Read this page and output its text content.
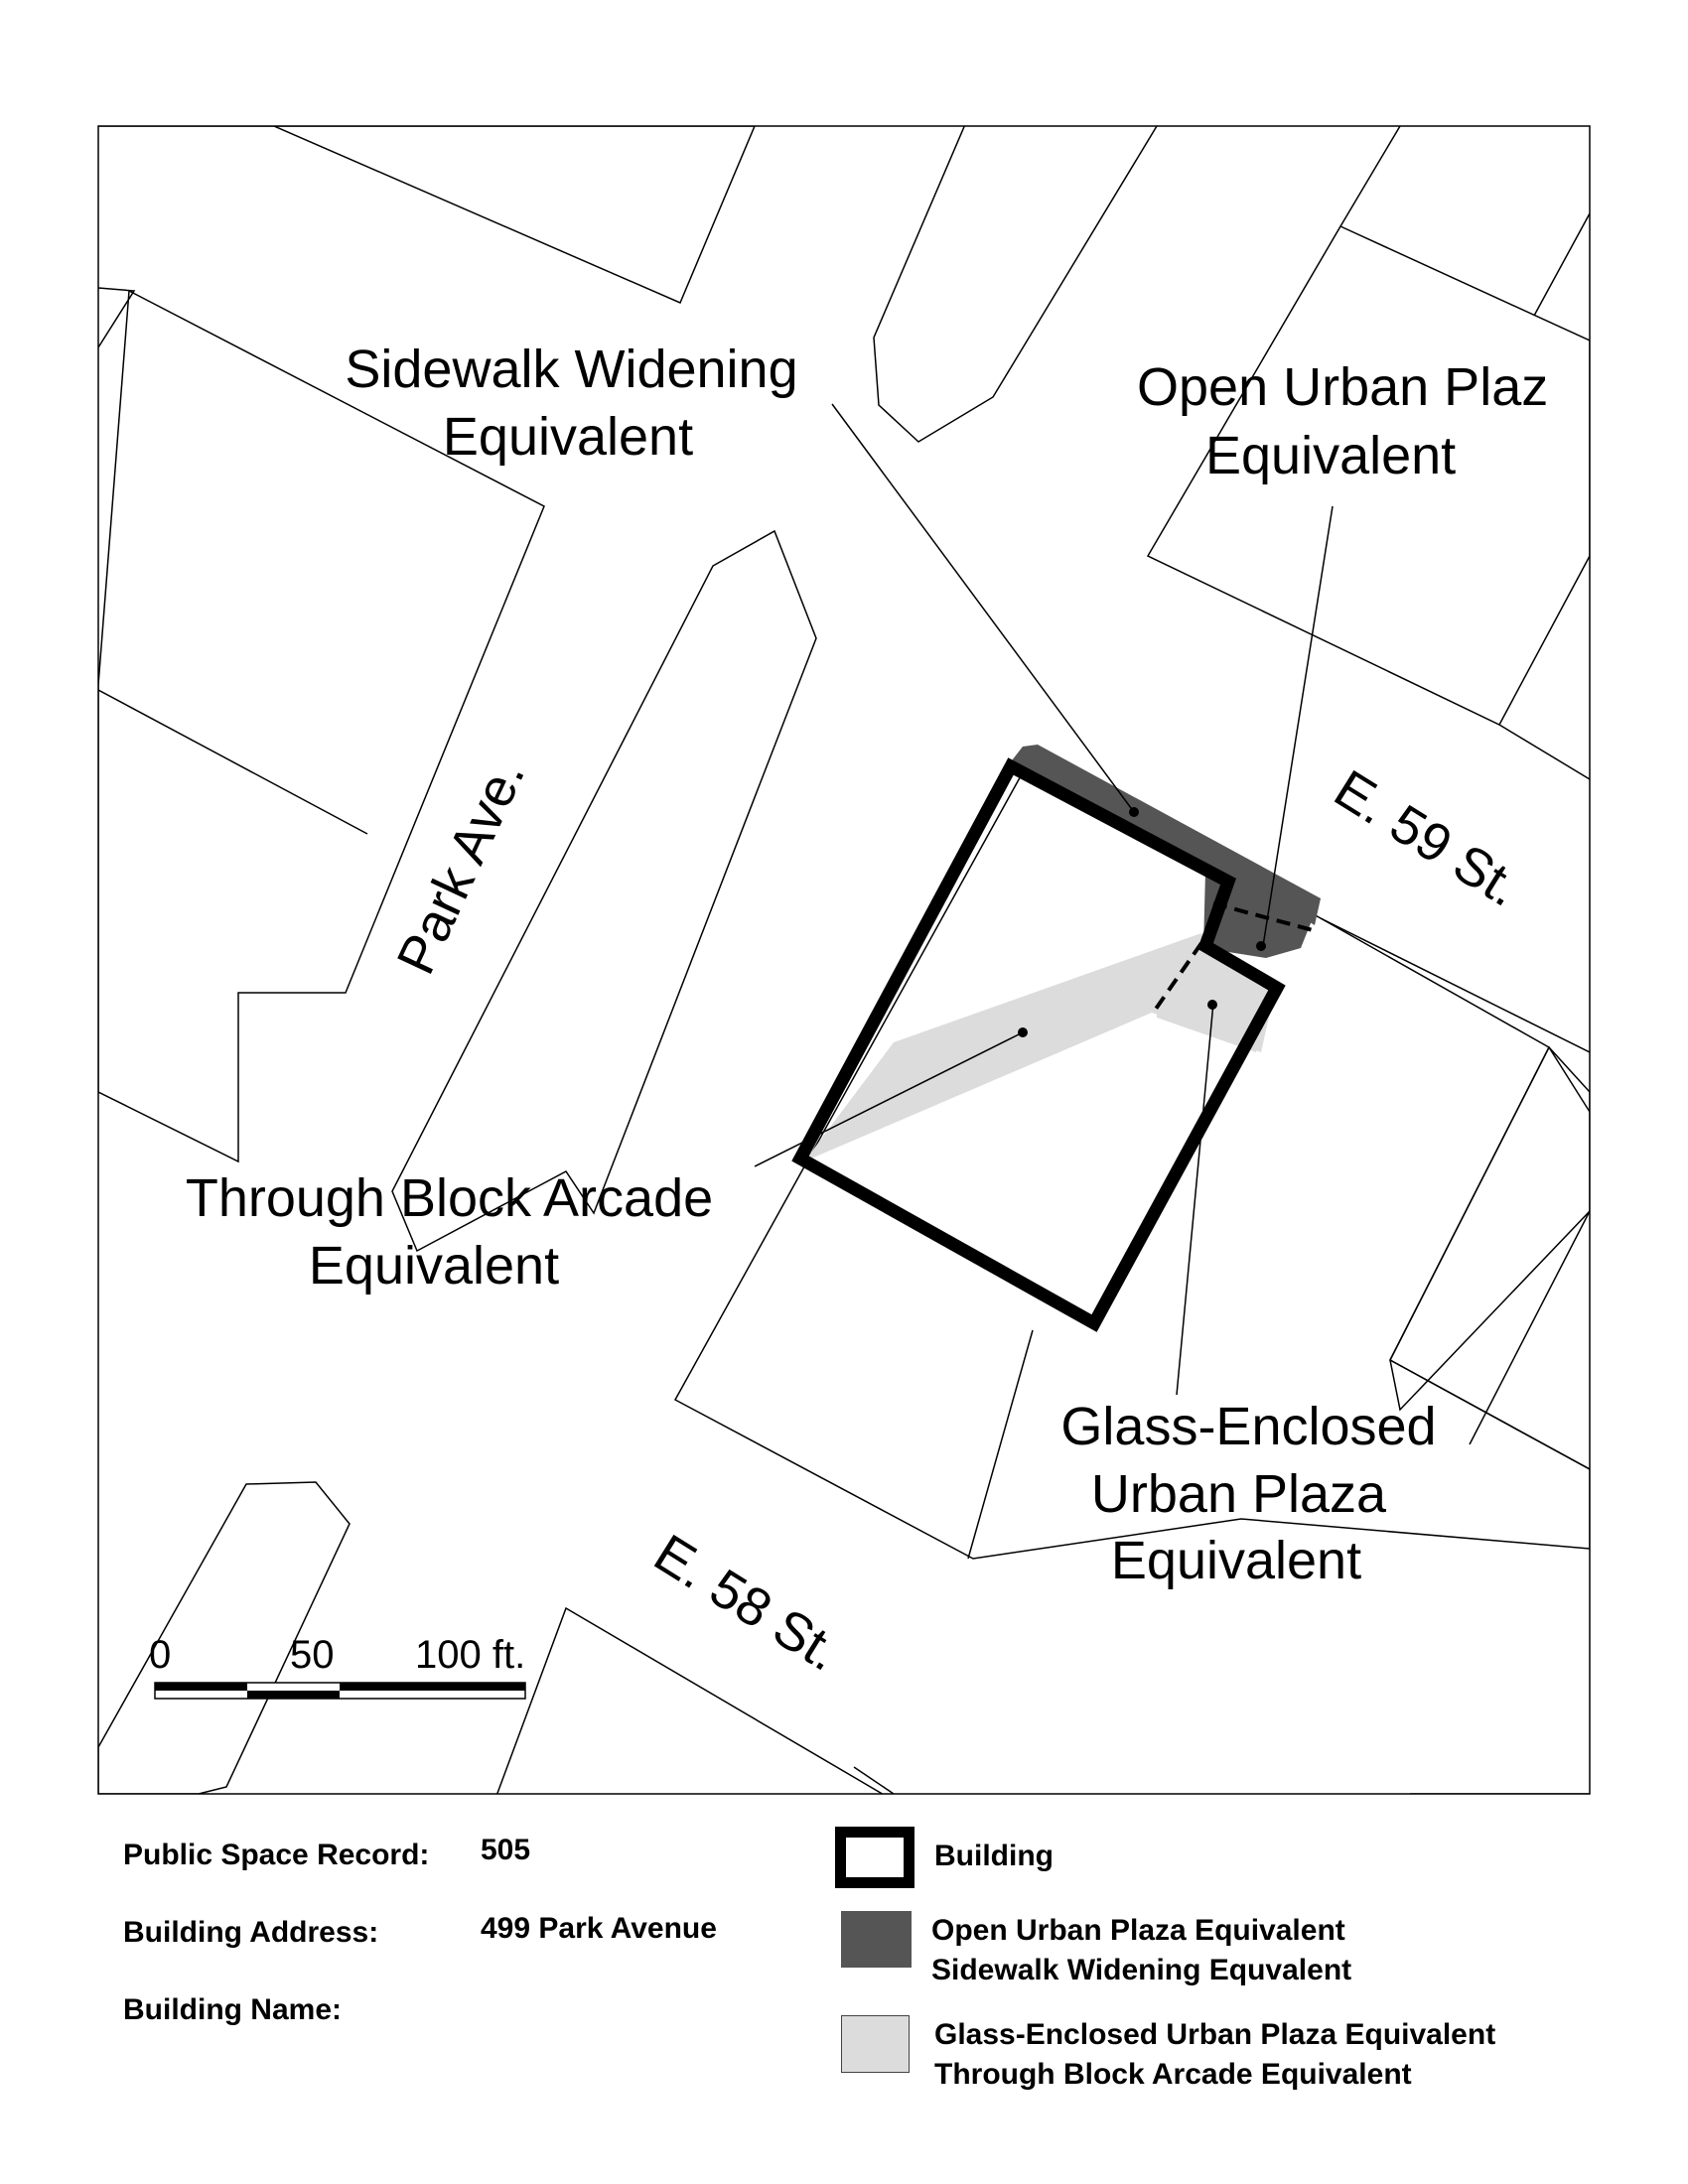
Sidewalk Widening Equivalent
Open Urban Plaz Equivalent
Through Block Arcade Equivalent
Glass-Enclosed Urban Plaza Equivalent
Park Ave.	E. 59 St.
E. 58 St.
0	50 100 ft.
Public Space Record: 505
Building Address:	499 Park Avenue
Building Name:
Building
Open Urban Plaza Equivalent
Sidewalk Widening Equvalent
Glass-Enclosed Urban Plaza Equivalent
Through Block Arcade Equivalent
